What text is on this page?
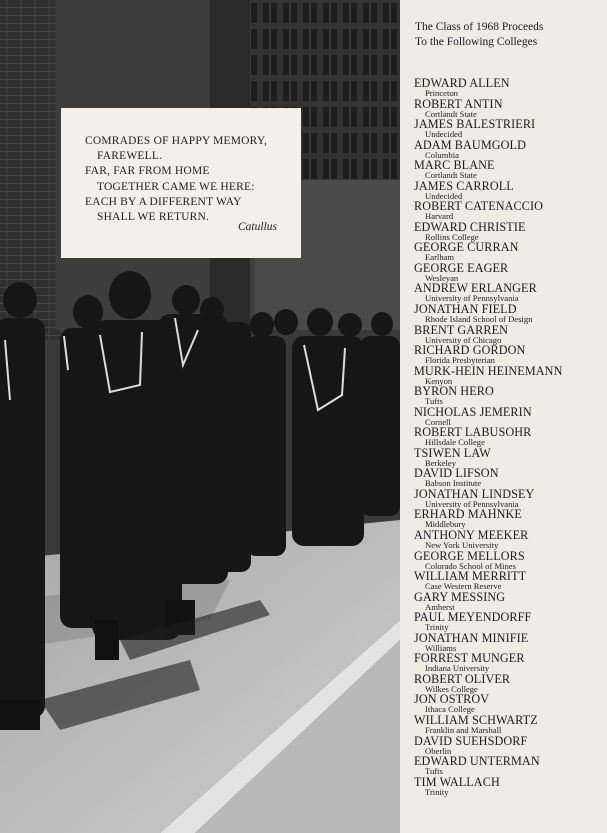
COMRADES OF HAPPY MEMORY,
FAREWELL.
FAR, FAR FROM HOME
TOGETHER CAME WE HERE:
EACH BY A DIFFERENT WAY
SHALL WE RETURN.
Catullus
The Class of 1968 Proceeds
To the Following Colleges
EDWARD ALLEN
Princeton
ROBERT ANTIN
Cortlandt State
JAMES BALESTRIERI
Undecided
ADAM BAUMGOLD
Columbia
MARC BLANE
Cortlandt State
JAMES CARROLL
Undecided
ROBERT CATENACCIO
Harvard
EDWARD CHRISTIE
Rollins College
GEORGE CURRAN
Earlham
GEORGE EAGER
Wesleyan
ANDREW ERLANGER
University of Pennsylvania
JONATHAN FIELD
Rhode Island School of Design
BRENT GARREN
University of Chicago
RICHARD GORDON
Florida Presbyterian
MURK-HEIN HEINEMANN
Kenyon
BYRON HERO
Tufts
NICHOLAS JEMERIN
Cornell
ROBERT LABUSOHR
Hillsdale College
TSIWEN LAW
Berkeley
DAVID LIFSON
Babson Institute
JONATHAN LINDSEY
University of Pennsylvania
ERHARD MAHNKE
Middlebury
ANTHONY MEEKER
New York University
GEORGE MELLORS
Colorado School of Mines
WILLIAM MERRITT
Case Western Reserve
GARY MESSING
Amherst
PAUL MEYENDORFF
Trinity
JONATHAN MINIFIE
Williams
FORREST MUNGER
Indiana University
ROBERT OLIVER
Wilkes College
JON OSTROV
Ithaca College
WILLIAM SCHWARTZ
Franklin and Marshall
DAVID SUEHSDORF
Oberlin
EDWARD UNTERMAN
Tufts
TIM WALLACH
Trinity
